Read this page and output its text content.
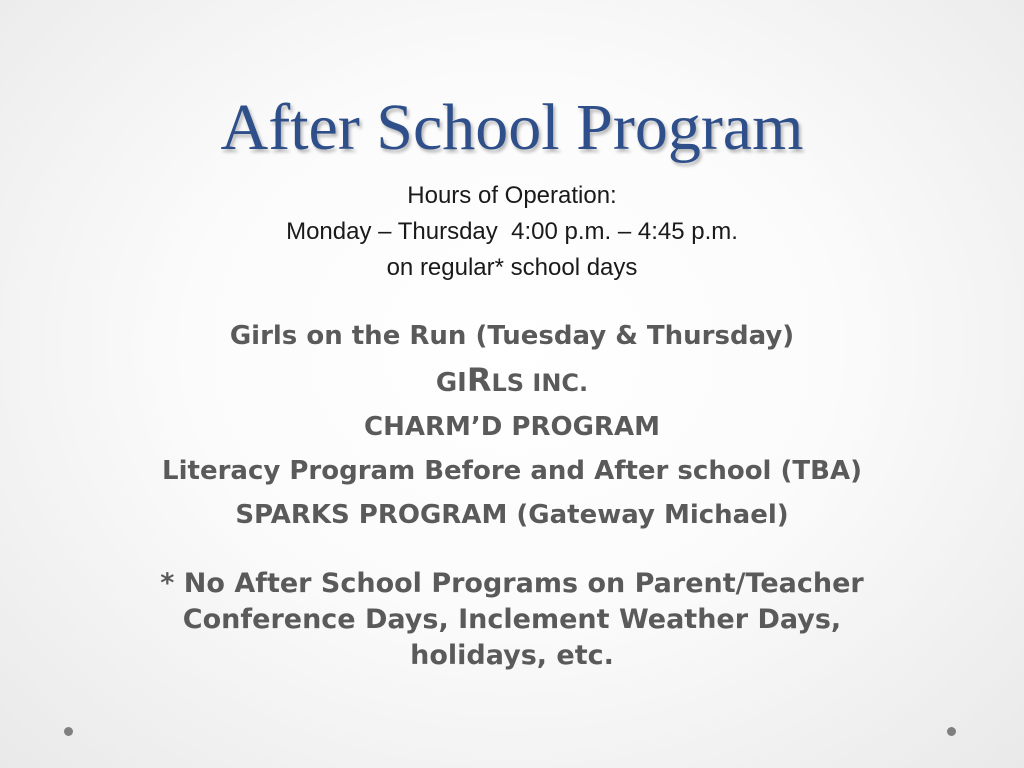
After School Program
Hours of Operation:
Monday – Thursday  4:00 p.m. – 4:45 p.m.
on regular* school days
Girls on the Run (Tuesday & Thursday)
GIRLS INC.
CHARM’D PROGRAM
Literacy Program Before and After school (TBA)
SPARKS PROGRAM (Gateway Michael)
* No After School Programs on Parent/Teacher
Conference Days, Inclement Weather Days,
holidays, etc.
